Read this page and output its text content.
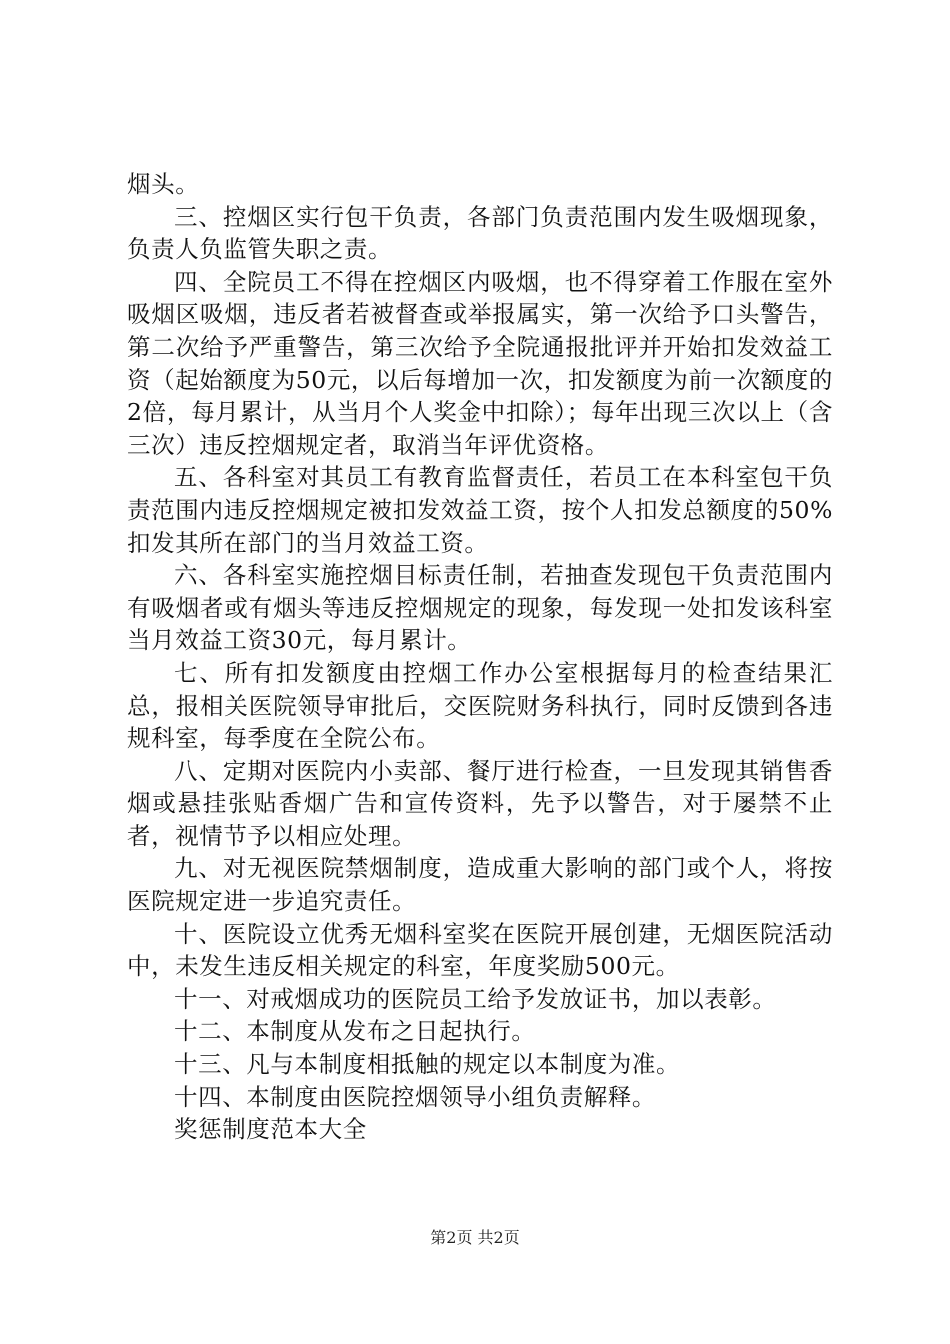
烟头。

三、控烟区实行包干负责，各部门负责范围内发生吸烟现象，负责人负监管失职之责。

四、全院员工不得在控烟区内吸烟，也不得穿着工作服在室外吸烟区吸烟，违反者若被督查或举报属实，第一次给予口头警告，第二次给予严重警告，第三次给予全院通报批评并开始扣发效益工资（起始额度为50元，以后每增加一次，扣发额度为前一次额度的2倍，每月累计，从当月个人奖金中扣除）；每年出现三次以上（含三次）违反控烟规定者，取消当年评优资格。

五、各科室对其员工有教育监督责任，若员工在本科室包干负责范围内违反控烟规定被扣发效益工资，按个人扣发总额度的50%扣发其所在部门的当月效益工资。

六、各科室实施控烟目标责任制，若抽查发现包干负责范围内有吸烟者或有烟头等违反控烟规定的现象，每发现一处扣发该科室当月效益工资30元，每月累计。

七、所有扣发额度由控烟工作办公室根据每月的检查结果汇总，报相关医院领导审批后，交医院财务科执行，同时反馈到各违规科室，每季度在全院公布。

八、定期对医院内小卖部、餐厅进行检查，一旦发现其销售香烟或悬挂张贴香烟广告和宣传资料，先予以警告，对于屡禁不止者，视情节予以相应处理。

九、对无视医院禁烟制度，造成重大影响的部门或个人，将按医院规定进一步追究责任。

十、医院设立优秀无烟科室奖在医院开展创建，无烟医院活动中，未发生违反相关规定的科室，年度奖励500元。

十一、对戒烟成功的医院员工给予发放证书，加以表彰。

十二、本制度从发布之日起执行。

十三、凡与本制度相抵触的规定以本制度为准。

十四、本制度由医院控烟领导小组负责解释。

奖惩制度范本大全

第2页 共2页
